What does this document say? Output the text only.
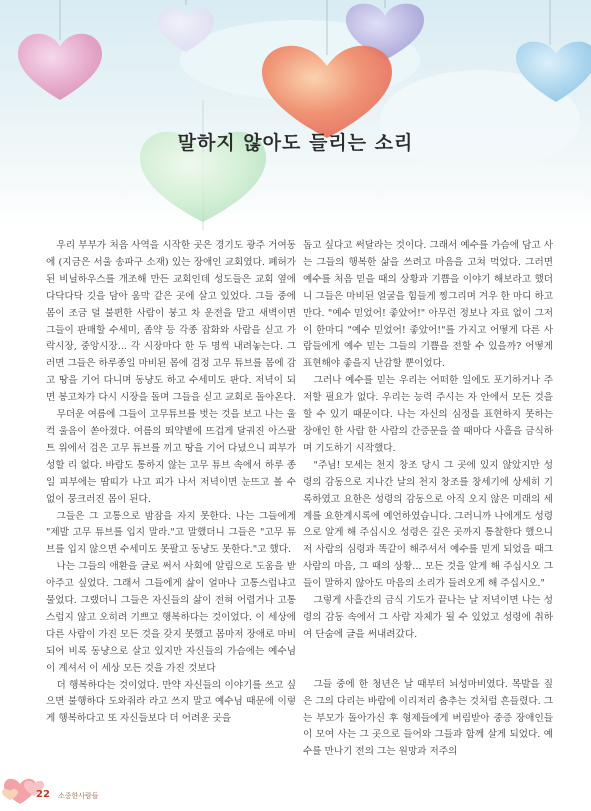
말하지 않아도 들리는 소리

우리 부부가 처음 사역을 시작한 곳은 경기도 광주 거여동에 (지금은 서울 송파구 소재) 있는 장애인 교회였다. 폐허가 된 비닐하우스를 개조해 만든 교회인데 성도들은 교회 옆에 다닥다닥 깃을 담아 움막 같은 곳에 살고 있었다. 그들 중에 몸이 조금 덜 불편한 사람이 붕고 차 운전을 맡고 새벽이면 그들이 판매할 수세미, 좀약 등 각종 잡화와 사람을 싣고 가락시장, 중앙시장... 각 시장마다 한 두 명씩 내려놓는다. 그러면 그들은 하루종일 마비된 몸에 검정 고무 튜브를 몸에 감고 땅을 기어 다니며 동냥도 하고 수세미도 판다. 저녁이 되면 봉고차가 다시 시장을 돌며 그들을 싣고 교회로 돌아온다.

무더운 여름에 그들이 고무튜브를 벗는 것을 보고 나는 울컥 울음이 쏟아졌다. 여름의 뙤약볕에 뜨겁게 달궈진 아스팔트 위에서 검은 고무 튜브를 끼고 땅을 기어 다녔으니 피부가 성할 리 없다. 바람도 통하지 않는 고무 튜브 속에서 하루 종일 피부에는 땀띠가 나고 피가 나서 저녁이면 눈뜨고 볼 수 없이 뭉크러진 몸이 된다.

그들은 그 고통으로 밤잠을 자지 못한다. 나는 그들에게 "제발 고무 튜브를 입지 말라."고 말했더니 그들은 "고무 튜브를 입지 않으면 수세미도 못팔고 동냥도 못한다."고 했다.

나는 그들의 애환을 글로 써서 사회에 알림으로 도움을 받아주고 싶었다. 그래서 그들에게 삶이 얼마나 고통스럽냐고 물었다. 그랬더니 그들은 자신들의 삶이 전혀 어렵거나 고통스럽지 않고 오히려 기쁘고 행복하다는 것이었다. 이 세상에 다른 사람이 가진 모든 것을 갖지 못했고 몸마저 장애로 마비되어 비록 동냥으로 살고 있지만 자신들의 가슴에는 예수님이 계셔서 이 세상 모든 것을 가진 것보다

더 행복하다는 것이었다. 만약 자신들의 이야기를 쓰고 싶으면 불행하다 도와줘라 라고 쓰지 말고 예수님 때문에 이렇게 행복하다고 또 자신들보다 더 어려운 곳을

돕고 싶다고 써달라는 것이다. 그래서 예수를 가슴에 담고 사는 그들의 행복한 삶을 쓰려고 마음을 고쳐 먹었다. 그러면 예수를 처음 믿을 때의 상황과 기쁨을 이야기 해보라고 했더니 그들은 마비된 얼굴을 힘들게 찡그리며 겨우 한 마디 하고 만다. "예수 믿었어! 좋았어!" 아무런 정보나 자료 없이 그저 이 한마디 "예수 믿었어! 좋았어!"를 가지고 어떻게 다른 사람들에게 예수 믿는 그들의 기쁨을 전할 수 있을까? 어떻게 표현해야 좋을지 난감할 뿐이었다.

그러나 예수를 믿는 우리는 어떠한 일에도 포기하거나 주저할 필요가 없다. 우리는 능력 주시는 자 안에서 모든 것을 할 수 있기 때문이다. 나는 자신의 심정을 표현하지 못하는 장애인 한 사람 한 사람의 간증문을 쓸 때마다 사흘을 금식하며 기도하기 시작했다.

"주님! 모세는 천지 창조 당시 그 곳에 있지 않았지만 성령의 감동으로 지나간 날의 천지 창조를 창세기에 상세히 기록하였고 요한은 성령의 감동으로 아직 오지 않은 미래의 세계를 요한계시록에 예언하였습니다. 그러니까 나에게도 성령으로 알게 해 주십시오 성령은 깊은 곳까지 통찰한다 했으니저 사람의 심령과 똑같이 해주셔서 예수를 믿게 되었을 때그 사람의 마음, 그 때의 상황... 모든 것을 알게 해 주십시오 그들이 말하지 않아도 마음의 소리가 들려오게 해 주십시오."

그렇게 사흘간의 금식 기도가 끝나는 날 저녁이면 나는 성령의 감동 속에서 그 사람 자체가 될 수 있었고 성령에 취하여 단숨에 글을 써내려갔다.

그들 중에 한 청년은 날 때부터 뇌성마비였다. 목발을 짚은 그의 다리는 바람에 이리저리 춤추는 것처럼 흔들렸다. 그는 부모가 돌아가신 후 형제들에게 버림받아 중증 장애인들이 모여 사는 그 곳으로 들어와 그들과 함께 살게 되었다. 예수를 만나기 전의 그는 원망과 저주의

22 소중한사람들
